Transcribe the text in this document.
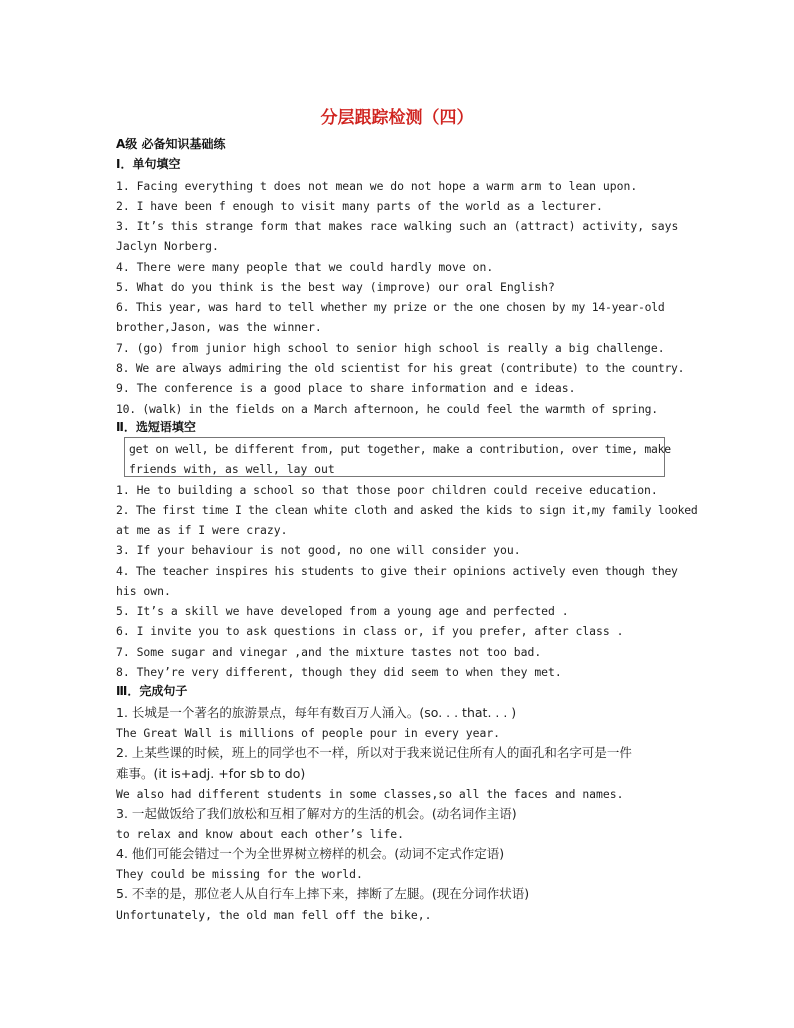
分层跟踪检测（四）
A级 必备知识基础练
Ⅰ．单句填空
1. Facing everything t does not mean we do not hope a warm arm to lean upon.
2. I have been f enough to visit many parts of the world as a lecturer.
3. It’s this strange form that makes race walking such an (attract) activity, says
Jaclyn Norberg.
4. There were many people that we could hardly move on.
5. What do you think is the best way (improve) our oral English?
6. This year, was hard to tell whether my prize or the one chosen by my 14-year-old
brother,Jason, was the winner.
7. (go) from junior high school to senior high school is really a big challenge.
8. We are always admiring the old scientist for his great (contribute) to the country.
9. The conference is a good place to share information and e ideas.
10. (walk) in the fields on a March afternoon, he could feel the warmth of spring.
Ⅱ．选短语填空
get on well, be different from, put together, make a contribution, over time, make
friends with, as well, lay out
1. He to building a school so that those poor children could receive education.
2. The first time I the clean white cloth and asked the kids to sign it,my family looked
at me as if I were crazy.
3. If your behaviour is not good, no one will consider you.
4. The teacher inspires his students to give their opinions actively even though they
his own.
5. It’s a skill we have developed from a young age and perfected .
6. I invite you to ask questions in class or, if you prefer, after class .
7. Some sugar and vinegar ,and the mixture tastes not too bad.
8. They’re very different, though they did seem to when they met.
Ⅲ．完成句子
1. 长城是一个著名的旅游景点，每年有数百万人涌入。(so. . . that. . . )
The Great Wall is millions of people pour in every year.
2. 上某些课的时候，班上的同学也不一样，所以对于我来说记住所有人的面孔和名字可是一件
难事。(it is+adj. +for sb to do)
We also had different students in some classes,so all the faces and names.
3. 一起做饭给了我们放松和互相了解对方的生活的机会。(动名词作主语)
to relax and know about each other’s life.
4. 他们可能会错过一个为全世界树立榜样的机会。(动词不定式作定语)
They could be missing for the world.
5. 不幸的是，那位老人从自行车上摔下来，摔断了左腿。(现在分词作状语)
Unfortunately, the old man fell off the bike,.
